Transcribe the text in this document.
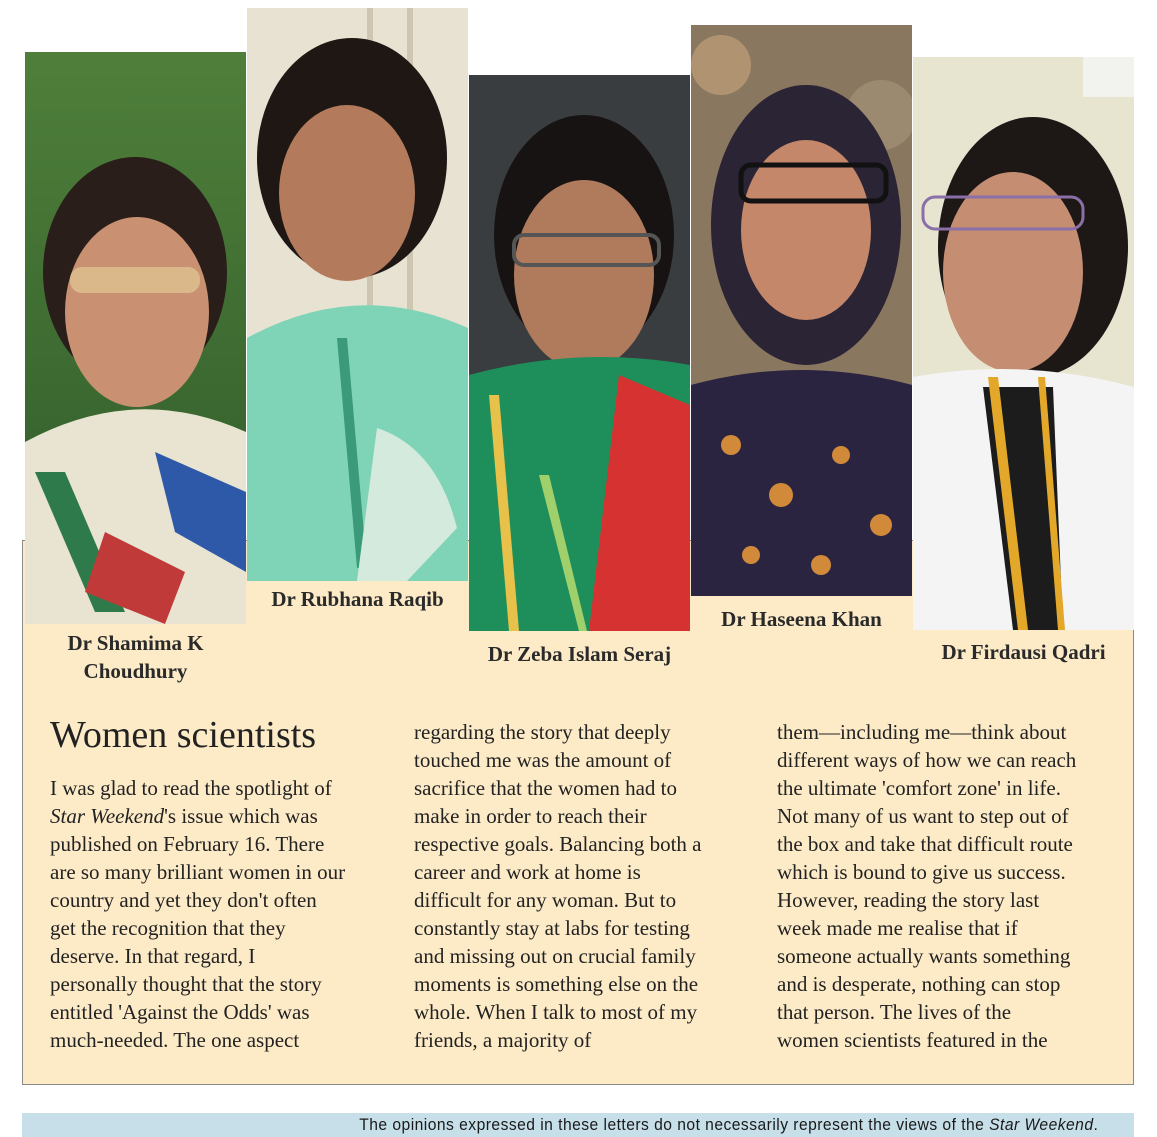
Dr Shamima K
Choudhury
Dr Rubhana Raqib
Dr Zeba Islam Seraj
Dr Haseena Khan
Dr Firdausi Qadri
Women scientists
I was glad to read the spotlight of
Star Weekend's issue which was
published on February 16. There
are so many brilliant women in our
country and yet they don't often
get the recognition that they
deserve. In that regard, I
personally thought that the story
entitled 'Against the Odds' was
much-needed. The one aspect
regarding the story that deeply
touched me was the amount of
sacrifice that the women had to
make in order to reach their
respective goals. Balancing both a
career and work at home is
difficult for any woman. But to
constantly stay at labs for testing
and missing out on crucial family
moments is something else on the
whole. When I talk to most of my
friends, a majority of
them—including me—think about
different ways of how we can reach
the ultimate 'comfort zone' in life.
Not many of us want to step out of
the box and take that difficult route
which is bound to give us success.
However, reading the story last
week made me realise that if
someone actually wants something
and is desperate, nothing can stop
that person. The lives of the
women scientists featured in the
The opinions expressed in these letters do not necessarily represent the views of the Star Weekend.
